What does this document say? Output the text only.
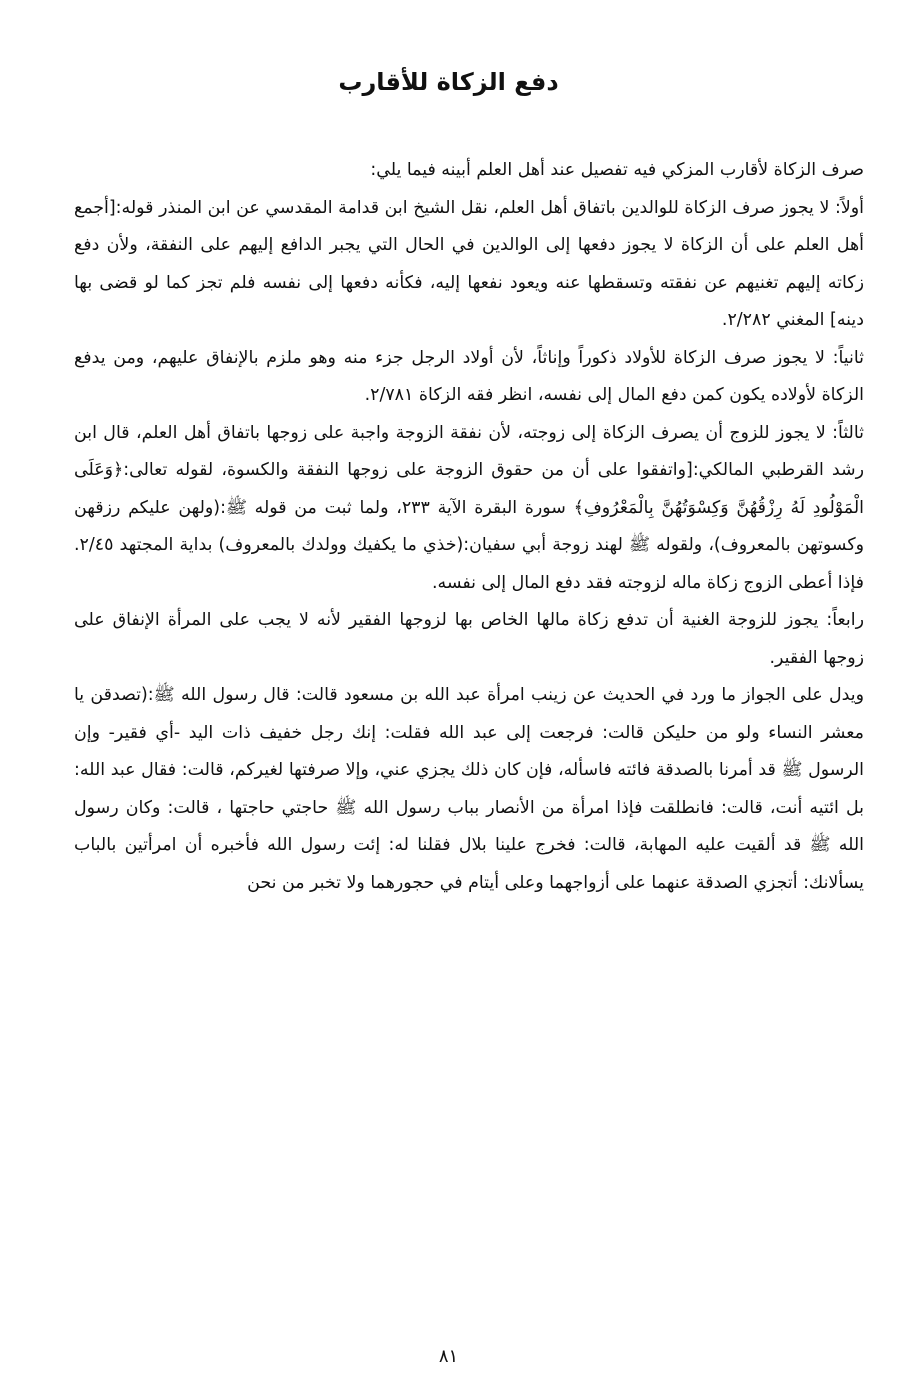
دفع الزكاة للأقارب

صرف الزكاة لأقارب المزكي فيه تفصيل عند أهل العلم أبينه فيما يلي:

أولاً: لا يجوز صرف الزكاة للوالدين باتفاق أهل العلم، نقل الشيخ ابن قدامة المقدسي عن ابن المنذر قوله:[أجمع أهل العلم على أن الزكاة لا يجوز دفعها إلى الوالدين في الحال التي يجبر الدافع إليهم على النفقة، ولأن دفع زكاته إليهم تغنيهم عن نفقته وتسقطها عنه ويعود نفعها إليه، فكأنه دفعها إلى نفسه فلم تجز كما لو قضى بها دينه] المغني ٢/٢٨٢.

ثانياً: لا يجوز صرف الزكاة للأولاد ذكوراً وإناثاً، لأن أولاد الرجل جزء منه وهو ملزم بالإنفاق عليهم، ومن يدفع الزكاة لأولاده يكون كمن دفع المال إلى نفسه، انظر فقه الزكاة ٢/٧٨١.

ثالثاً: لا يجوز للزوج أن يصرف الزكاة إلى زوجته، لأن نفقة الزوجة واجبة على زوجها باتفاق أهل العلم، قال ابن رشد القرطبي المالكي:[واتفقوا على أن من حقوق الزوجة على زوجها النفقة والكسوة، لقوله تعالى:﴿وَعَلَى الْمَوْلُودِ لَهُ رِزْقُهُنَّ وَكِسْوَتُهُنَّ بِالْمَعْرُوفِ﴾ سورة البقرة الآية ٢٣٣، ولما ثبت من قوله ﷺ:(ولهن عليكم رزقهن وكسوتهن بالمعروف)، ولقوله ﷺ لهند زوجة أبي سفيان:(خذي ما يكفيك وولدك بالمعروف) بداية المجتهد ٢/٤٥. فإذا أعطى الزوج زكاة ماله لزوجته فقد دفع المال إلى نفسه.

رابعاً: يجوز للزوجة الغنية أن تدفع زكاة مالها الخاص بها لزوجها الفقير لأنه لا يجب على المرأة الإنفاق على زوجها الفقير.

ويدل على الجواز ما ورد في الحديث عن زينب امرأة عبد الله بن مسعود قالت: قال رسول الله ﷺ:(تصدقن يا معشر النساء ولو من حليكن قالت: فرجعت إلى عبد الله فقلت: إنك رجل خفيف ذات اليد -أي فقير- وإن الرسول ﷺ قد أمرنا بالصدقة فائته فاسأله، فإن كان ذلك يجزي عني، وإلا صرفتها لغيركم، قالت: فقال عبد الله: بل ائتيه أنت، قالت: فانطلقت فإذا امرأة من الأنصار بباب رسول الله ﷺ حاجتي حاجتها ، قالت: وكان رسول الله ﷺ قد ألقيت عليه المهابة، قالت: فخرج علينا بلال فقلنا له: إئت رسول الله فأخبره أن امرأتين بالباب يسألانك: أتجزي الصدقة عنهما على أزواجهما وعلى أيتام في حجورهما ولا تخبر من نحن

٨١
